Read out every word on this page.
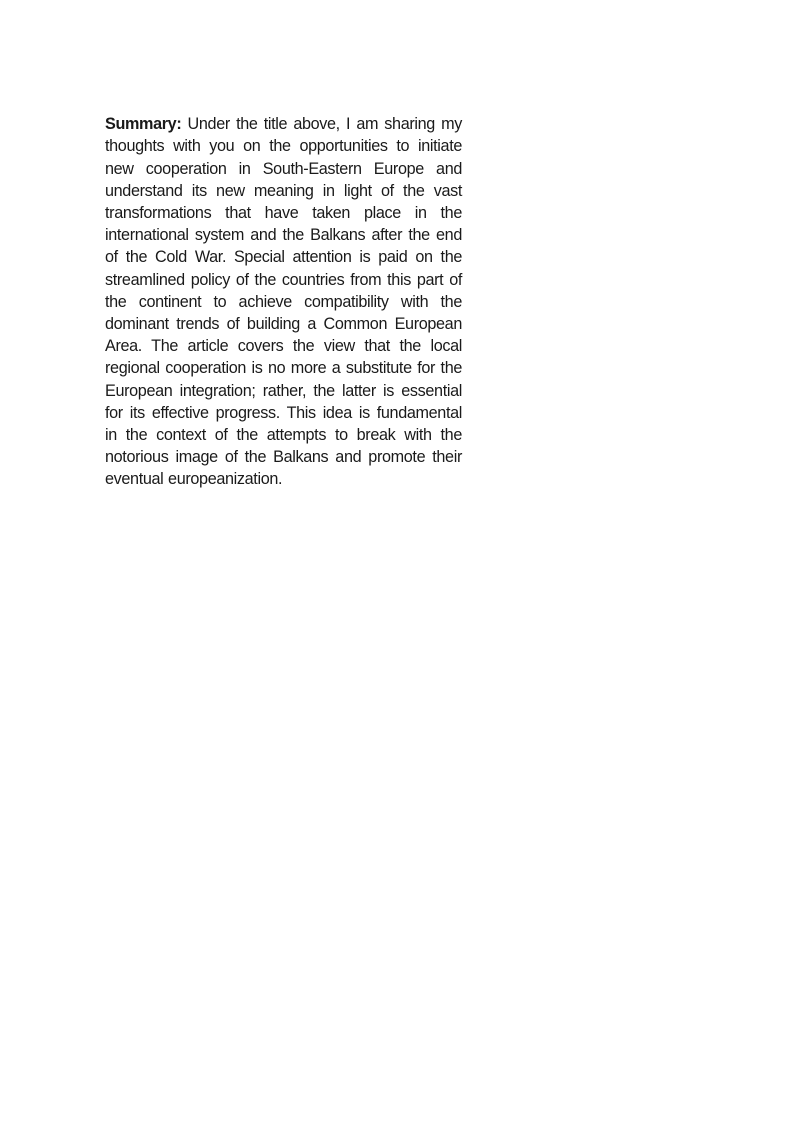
Summary: Under the title above, I am sharing my thoughts with you on the opportunities to initiate new cooperation in South-Eastern Europe and understand its new meaning in light of the vast transformations that have taken place in the international system and the Balkans after the end of the Cold War. Special attention is paid on the streamlined policy of the countries from this part of the continent to achieve compatibility with the dominant trends of building a Common European Area. The article covers the view that the local regional cooperation is no more a substitute for the European integration; rather, the latter is essential for its effective progress. This idea is fundamental in the context of the attempts to break with the notorious image of the Balkans and promote their eventual europeanization.
